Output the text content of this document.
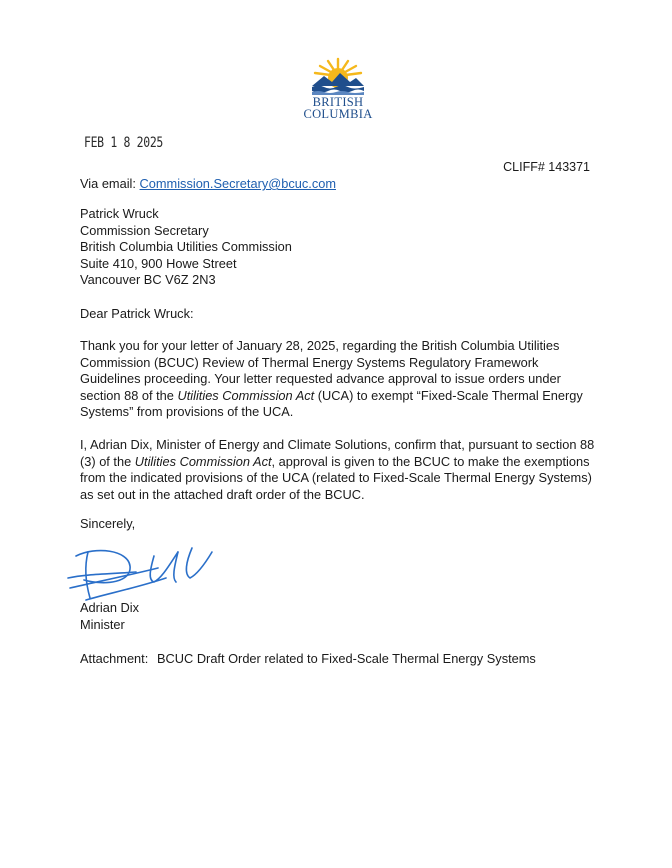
BRITISH
COLUMBIA
FEB 1 8 2025
CLIFF# 143371
Via email: Commission.Secretary@bcuc.com
Patrick Wruck
Commission Secretary
British Columbia Utilities Commission
Suite 410, 900 Howe Street
Vancouver BC V6Z 2N3
Dear Patrick Wruck:

Thank you for your letter of January 28, 2025, regarding the British Columbia Utilities Commission (BCUC) Review of Thermal Energy Systems Regulatory Framework Guidelines proceeding. Your letter requested advance approval to issue orders under section 88 of the Utilities Commission Act (UCA) to exempt “Fixed-Scale Thermal Energy Systems” from provisions of the UCA.

I, Adrian Dix, Minister of Energy and Climate Solutions, confirm that, pursuant to section 88 (3) of the Utilities Commission Act, approval is given to the BCUC to make the exemptions from the indicated provisions of the UCA (related to Fixed-Scale Thermal Energy Systems) as set out in the attached draft order of the BCUC.

Sincerely,
Adrian Dix
Minister
Attachment: BCUC Draft Order related to Fixed-Scale Thermal Energy Systems
